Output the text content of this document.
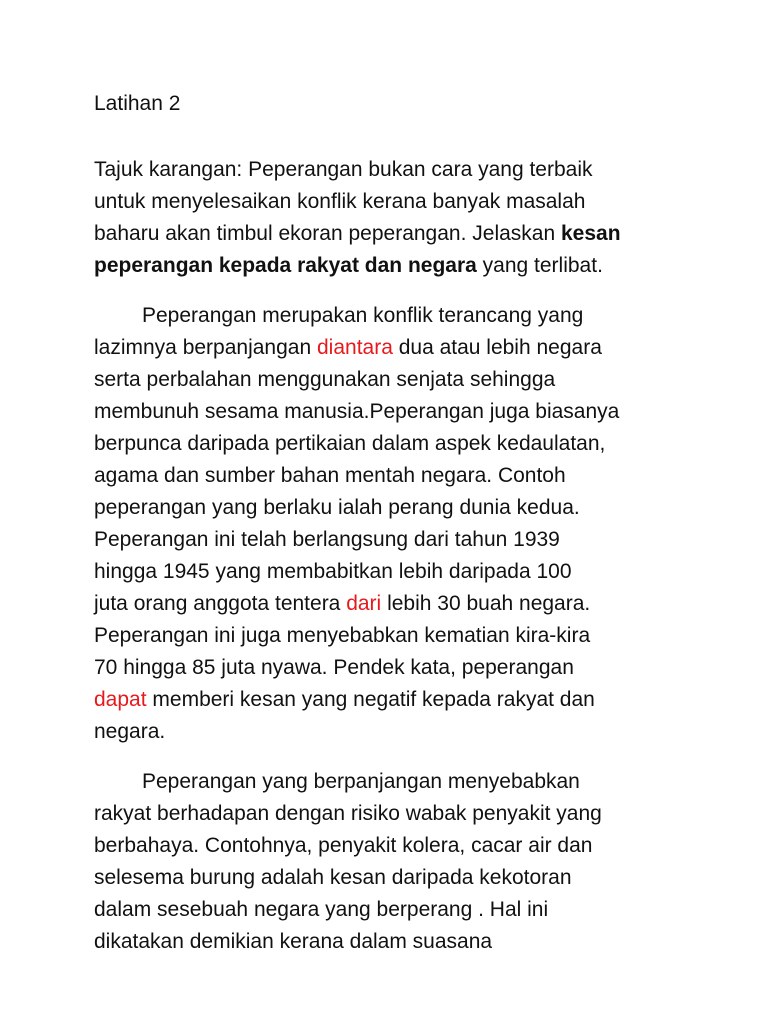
Latihan 2
Tajuk karangan: Peperangan bukan cara yang terbaik
untuk menyelesaikan konflik kerana banyak masalah
baharu akan timbul ekoran peperangan. Jelaskan kesan
peperangan kepada rakyat dan negara yang terlibat.
Peperangan merupakan konflik terancang yang
lazimnya berpanjangan diantara dua atau lebih negara
serta perbalahan menggunakan senjata sehingga
membunuh sesama manusia.Peperangan juga biasanya
berpunca daripada pertikaian dalam aspek kedaulatan,
agama dan sumber bahan mentah negara. Contoh
peperangan yang berlaku ialah perang dunia kedua.
Peperangan ini telah berlangsung dari tahun 1939
hingga 1945 yang membabitkan lebih daripada 100
juta orang anggota tentera dari lebih 30 buah negara.
Peperangan ini juga menyebabkan kematian kira-kira
70 hingga 85 juta nyawa. Pendek kata, peperangan
dapat memberi kesan yang negatif kepada rakyat dan
negara.
Peperangan yang berpanjangan menyebabkan
rakyat berhadapan dengan risiko wabak penyakit yang
berbahaya. Contohnya, penyakit kolera, cacar air dan
selesema burung adalah kesan daripada kekotoran
dalam sesebuah negara yang berperang . Hal ini
dikatakan demikian kerana dalam suasana
